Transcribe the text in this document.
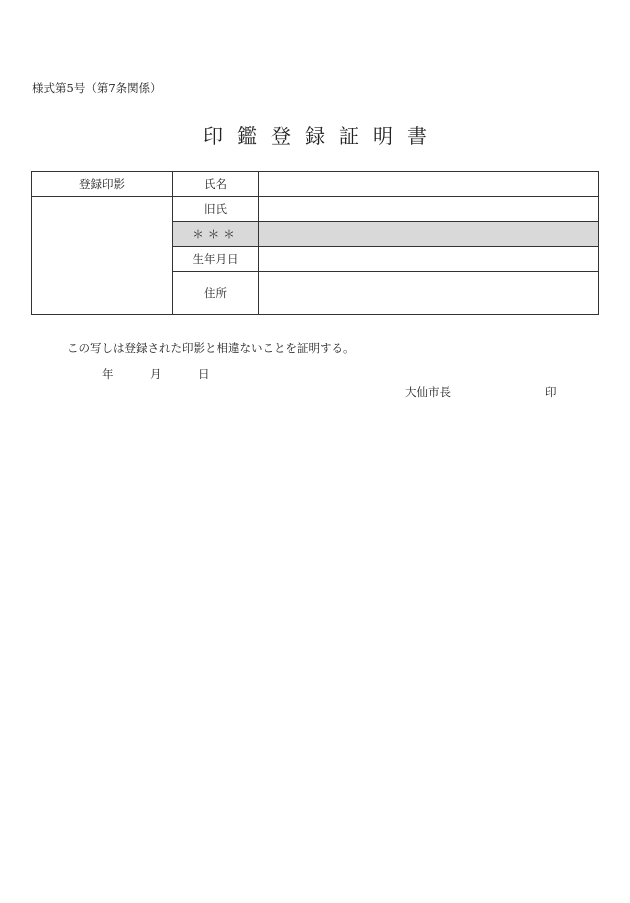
様式第5号（第7条関係）
印鑑登録証明書
登録印影	氏名	
	旧氏	
	＊＊＊	
	生年月日	
	住所	
この写しは登録された印影と相違ないことを証明する。
年	月	日
大仙市長	印
